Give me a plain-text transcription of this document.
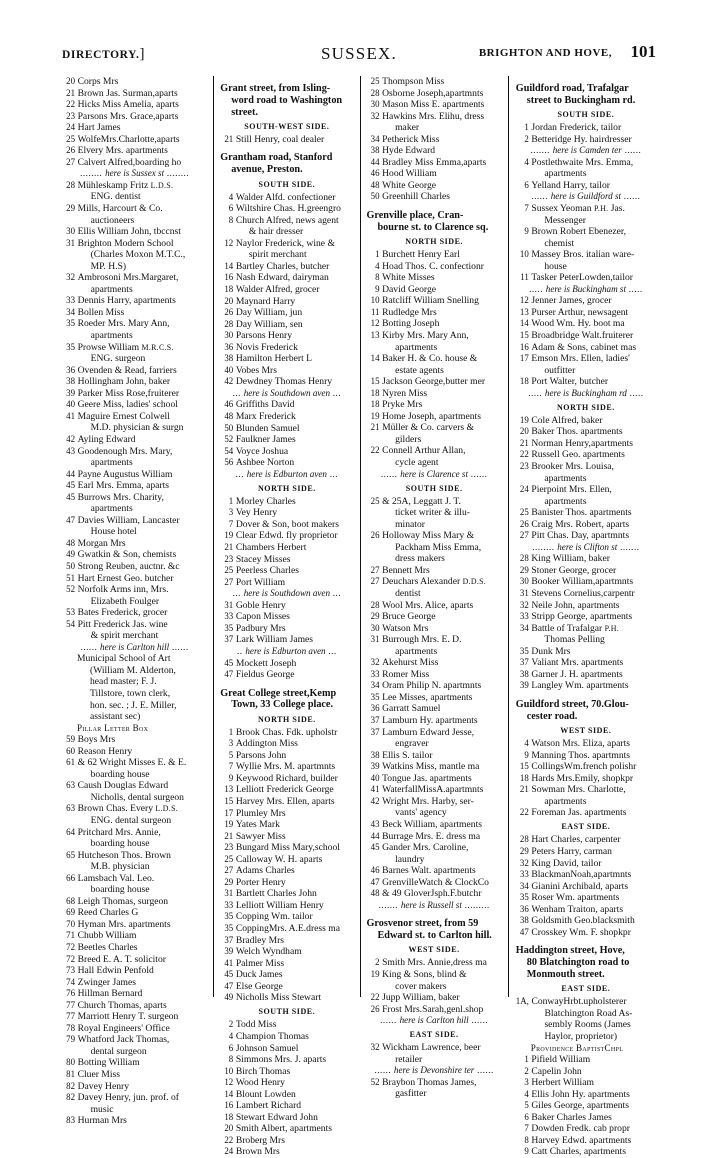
DIRECTORY.]	SUSSEX.	BRIGHTON AND HOVE, 101
20 Corps Mrs
21 Brown Jas. Surman,aparts
22 Hicks Miss Amelia, aparts
23 Parsons Mrs. Grace,aparts
24 Hart James
25 WolfeMrs.Charlotte,aparts
26 Elvery Mrs. apartments
27 Calvert Alfred,boarding ho
........ here is Sussex st ........
28 Mühleskamp Fritz L.D.S.
ENG. dentist
29 Mills, Harcourt & Co.
auctioneers
30 Ellis William John, tbccnst
31 Brighton Modern School
(Charles Moxon M.T.C.,
MP. H.S)
32 Ambrosoni Mrs.Margaret,
apartments
33 Dennis Harry, apartments
34 Bollen Miss
35 Roeder Mrs. Mary Ann,
apartments
35 Prowse William M.R.C.S.
ENG. surgeon
36 Ovenden & Read, farriers
38 Hollingham John, baker
39 Parker Miss Rose,fruiterer
40 Geere Miss, ladies' school
41 Maguire Ernest Colwell
M.D. physician & surgn
42 Ayling Edward
43 Goodenough Mrs. Mary,
apartments
44 Payne Augustus William
45 Earl Mrs. Emma, aparts
45 Burrows Mrs. Charity,
apartments
47 Davies William, Lancaster
House hotel
48 Morgan Mrs
49 Gwatkin & Son, chemists
50 Strong Reuben, auctnr. &c
51 Hart Ernest Geo. butcher
52 Norfolk Arms inn, Mrs.
Elizabeth Foulger
53 Bates Frederick, grocer
54 Pitt Frederick Jas. wine
& spirit merchant
...... here is Carlton hill ......
Municipal School of Art
(William M. Alderton,
head master; F. J.
Tillstore, town clerk,
hon. sec. ; J. E. Miller,
assistant sec)
Pillar Letter Box
59 Boys Mrs
60 Reason Henry
61 & 62 Wright Misses E. & E.
boarding house
63 Caush Douglas Edward
Nicholls, dental surgeon
63 Brown Chas. Every L.D.S.
ENG. dental surgeon
64 Pritchard Mrs. Annie,
boarding house
65 Hutcheson Thos. Brown
M.B. physician
66 Lamsbach Val. Leo.
boarding house
68 Leigh Thomas, surgeon
69 Reed Charles G
70 Hyman Mrs. apartments
71 Chubb William
72 Beetles Charles
72 Breed E. A. T. solicitor
73 Hall Edwin Penfold
74 Zwinger James
76 Hillman Bernard
77 Church Thomas, aparts
77 Marriott Henry T. surgeon
78 Royal Engineers' Office
79 Whatford Jack Thomas,
dental surgeon
80 Botting William
81 Cluer Miss
82 Davey Henry
82 Davey Henry, jun. prof. of
music
83 Hurman Mrs
Grant street, from Isling-
word road to Washington
street.
SOUTH-WEST SIDE.
21 Still Henry, coal dealer
Grantham road, Stanford
avenue, Preston.
SOUTH SIDE.
4 Walder Alfd. confectioner
6 Wiltshire Chas. H.greengro
8 Church Alfred, news agent
& hair dresser
12 Naylor Frederick, wine &
spirit merchant
14 Bartley Charles, butcher
16 Nash Edward, dairyman
18 Walder Alfred, grocer
20 Maynard Harry
26 Day William, jun
28 Day William, sen
30 Parsons Henry
36 Novis Frederick
38 Hamilton Herbert L
40 Vobes Mrs
42 Dewdney Thomas Henry
... here is Southdown aven ...
46 Griffiths David
48 Marx Frederick
50 Blunden Samuel
52 Faulkner James
54 Voyce Joshua
56 Ashbee Norton
... here is Edburton aven ...
NORTH SIDE.
1 Morley Charles
3 Vey Henry
7 Dover & Son, boot makers
19 Clear Edwd. fly proprietor
21 Chambers Herbert
23 Stacey Misses
25 Peerless Charles
27 Port William
... here is Southdown aven ...
31 Goble Henry
33 Capon Misses
35 Padbury Mrs
37 Lark William James
.. here is Edburton aven ...
45 Mockett Joseph
47 Fieldus George
Great College street,Kemp
Town, 33 College place.
NORTH SIDE.
1 Brook Chas. Fdk. upholstr
3 Addington Miss
5 Parsons John
7 Wyllie Mrs. M. apartmnts
9 Keywood Richard, builder
13 Lelliott Frederick George
15 Harvey Mrs. Ellen, aparts
17 Plumley Mrs
19 Yates Mark
21 Sawyer Miss
23 Bungard Miss Mary,school
25 Calloway W. H. aparts
27 Adams Charles
29 Porter Henry
31 Bartlett Charles John
33 Lelliott William Henry
35 Copping Wm. tailor
35 CoppingMrs. A.E.dress ma
37 Bradley Mrs
39 Welch Wyndham
41 Palmer Miss
45 Duck James
47 Else George
49 Nicholls Miss Stewart
SOUTH SIDE.
2 Todd Miss
4 Champion Thomas
6 Johnson Samuel
8 Simmons Mrs. J. aparts
10 Birch Thomas
12 Wood Henry
14 Blount Lowden
16 Lambert Richard
18 Stewart Edward John
20 Smith Albert, apartments
22 Broberg Mrs
24 Brown Mrs
25 Thompson Miss
28 Osborne Joseph,apartmnts
30 Mason Miss E. apartments
32 Hawkins Mrs. Elihu, dress
maker
34 Petherick Miss
38 Hyde Edward
44 Bradley Miss Emma,aparts
46 Hood William
48 White George
50 Greenhill Charles
Grenville place, Cran-
bourne st. to Clarence sq.
NORTH SIDE.
1 Burchett Henry Earl
4 Hoad Thos. C. confectionr
8 White Misses
9 David George
10 Ratcliff William Snelling
11 Rudledge Mrs
12 Botting Joseph
13 Kirby Mrs. Mary Ann,
apartments
14 Baker H. & Co. house &
estate agents
15 Jackson George,butter mer
18 Nyren Miss
18 Pryke Mrs
19 Home Joseph, apartments
21 Müller & Co. carvers &
gilders
22 Connell Arthur Allan,
cycle agent
...... here is Clarence st ......
SOUTH SIDE.
25 & 25A, Leggatt J. T.
ticket writer & illu-
minator
26 Holloway Miss Mary &
Packham Miss Emma,
dress makers
27 Bennett Mrs
27 Deuchars Alexander D.D.S.
dentist
28 Wool Mrs. Alice, aparts
29 Bruce George
30 Watson Mrs
31 Burrough Mrs. E. D.
apartments
32 Akehurst Miss
33 Romer Miss
34 Oram Philip N. apartmnts
35 Lee Misses, apartments
36 Garratt Samuel
37 Lamburn Hy. apartments
37 Lamburn Edward Jesse,
engraver
38 Ellis S. tailor
39 Watkins Miss, mantle ma
40 Tongue Jas. apartments
41 WaterfallMissA.apartmnts
42 Wright Mrs. Harby, ser-
vants' agency
43 Beck William, apartments
44 Burrage Mrs. E. dress ma
45 Gander Mrs. Caroline,
laundry
46 Barnes Walt. apartments
47 GrenvilleWatch & ClockCo
48 & 49 GloverJsph.F.butchr
....... here is Russell st .........
Grosvenor street, from 59
Edward st. to Carlton hill.
WEST SIDE.
2 Smith Mrs. Annie,dress ma
19 King & Sons, blind &
cover makers
22 Jupp William, baker
26 Frost Mrs.Sarah,genl.shop
...... here is Carlton hill ......
EAST SIDE.
32 Wickham Lawrence, beer
retailer
...... here is Devonshire ter ......
52 Braybon Thomas James,
gasfitter
Guildford road, Trafalgar
street to Buckingham rd.
SOUTH SIDE.
1 Jordan Frederick, tailor
2 Betteridge Hy. hairdresser
....... here is Camden ter ......
4 Postlethwaite Mrs. Emma,
apartments
6 Yelland Harry, tailor
...... here is Guildford st ......
7 Sussex Yeoman P.H. Jas.
Messenger
9 Brown Robert Ebenezer,
chemist
10 Massey Bros. italian ware-
house
11 Tasker PeterLowden,tailor
..... here is Buckingham st .....
12 Jenner James, grocer
13 Purser Arthur, newsagent
14 Wood Wm. Hy. boot ma
15 Broadbridge Walt.fruiterer
16 Adam & Sons, cabinet mas
17 Emson Mrs. Ellen, ladies'
outfitter
18 Port Walter, butcher
..... here is Buckingham rd .....
NORTH SIDE.
19 Cole Alfred, baker
20 Baker Thos. apartments
21 Norman Henry,apartments
22 Russell Geo. apartments
23 Brooker Mrs. Louisa,
apartments
24 Pierpoint Mrs. Ellen,
apartments
25 Banister Thos. apartments
26 Craig Mrs. Robert, aparts
27 Pitt Chas. Day, apartmnts
........ here is Clifton st .......
28 King William, baker
29 Stoner George, grocer
30 Booker William,apartmnts
31 Stevens Cornelius,carpentr
32 Neile John, apartments
33 Stripp George, apartments
34 Battle of Trafalgar P.H.
Thomas Pelling
35 Dunk Mrs
37 Valiant Mrs. apartments
38 Garner J. H. apartments
39 Langley Wm. apartments
Guildford street, 70.Glou-
cester road.
WEST SIDE.
4 Watson Mrs. Eliza, aparts
9 Manning Thos. apartmnts
15 CollingsWm.french polishr
18 Hards Mrs.Emily, shopkpr
21 Sowman Mrs. Charlotte,
apartments
22 Foreman Jas. apartments
EAST SIDE.
28 Hart Charles, carpenter
29 Peters Harry, carman
32 King David, tailor
33 BlackmanNoah,apartmnts
34 Gianini Archibald, aparts
35 Roser Wm. apartments
36 Wenham Traiton, aparts
38 Goldsmith Geo.blacksmith
47 Crosskey Wm. F. shopkpr
Haddington street, Hove,
80 Blatchington road to
Monmouth street.
EAST SIDE.
1A, ConwayHrbt.upholsterer
Blatchington Road As-
sembly Rooms (James
Haylor, proprietor)
Providence BaptistChpl
1 Pifield William
2 Capelin John
3 Herbert William
4 Ellis John Hy. apartments
5 Giles George, apartments
6 Baker Charles James
7 Dowden Fredk. cab propr
8 Harvey Edwd. apartments
9 Catt Charles, apartments
